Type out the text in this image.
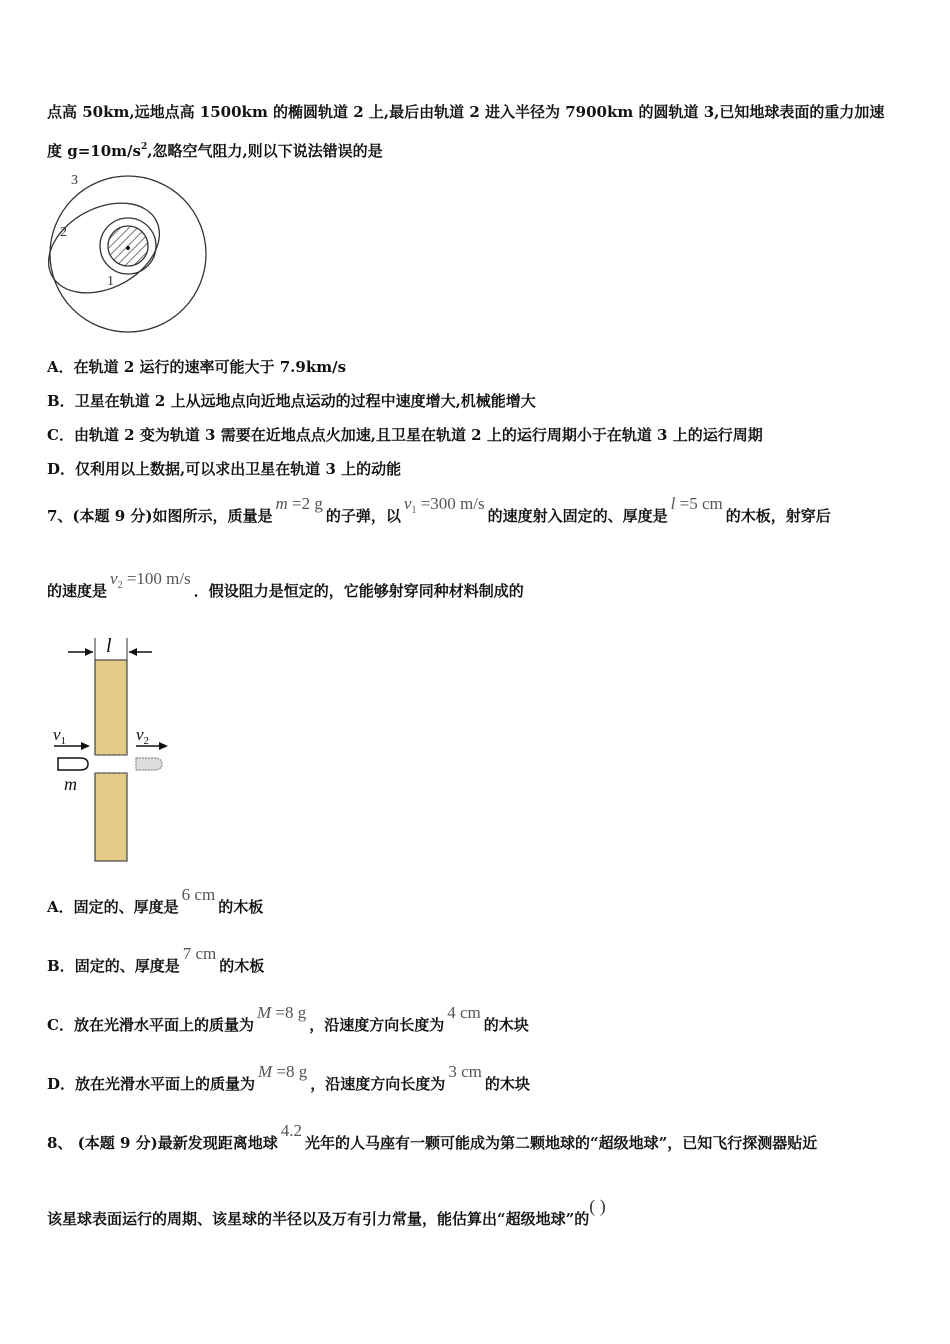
点高 50km,远地点高 1500km 的椭圆轨道 2 上,最后由轨道 2 进入半径为 7900km 的圆轨道 3,已知地球表面的重力加速
度 $g=10m/s^2$,忽略空气阻力,则以下说法错误的是
3
2
1
A．在轨道 2 运行的速率可能大于 7.9km/s
B．卫星在轨道 2 上从远地点向近地点运动的过程中速度增大,机械能增大
C．由轨道 2 变为轨道 3 需要在近地点点火加速,且卫星在轨道 2 上的运行周期小于在轨道 3 上的运行周期
D．仅利用以上数据,可以求出卫星在轨道 3 上的动能
7、(本题 9 分)如图所示，质量是m =2 g的子弹，以$v_1 =300$ m/s的速度射入固定的、厚度是l =5 cm的木板，射穿后
的速度是$v_2 =100$ m/s．假设阻力是恒定的，它能够射穿同种材料制成的
l
$v_1$	$v_2$
m
A．固定的、厚度是6 cm的木板
B．固定的、厚度是7 cm的木板
C．放在光滑水平面上的质量为M =8 g，沿速度方向长度为4 cm的木块
D．放在光滑水平面上的质量为M =8 g，沿速度方向长度为3 cm的木块
8、 (本题 9 分)最新发现距离地球4.2光年的人马座有一颗可能成为第二颗地球的“超级地球”，已知飞行探测器贴近
该星球表面运行的周期、该星球的半径以及万有引力常量，能估算出“超级地球”的( )
